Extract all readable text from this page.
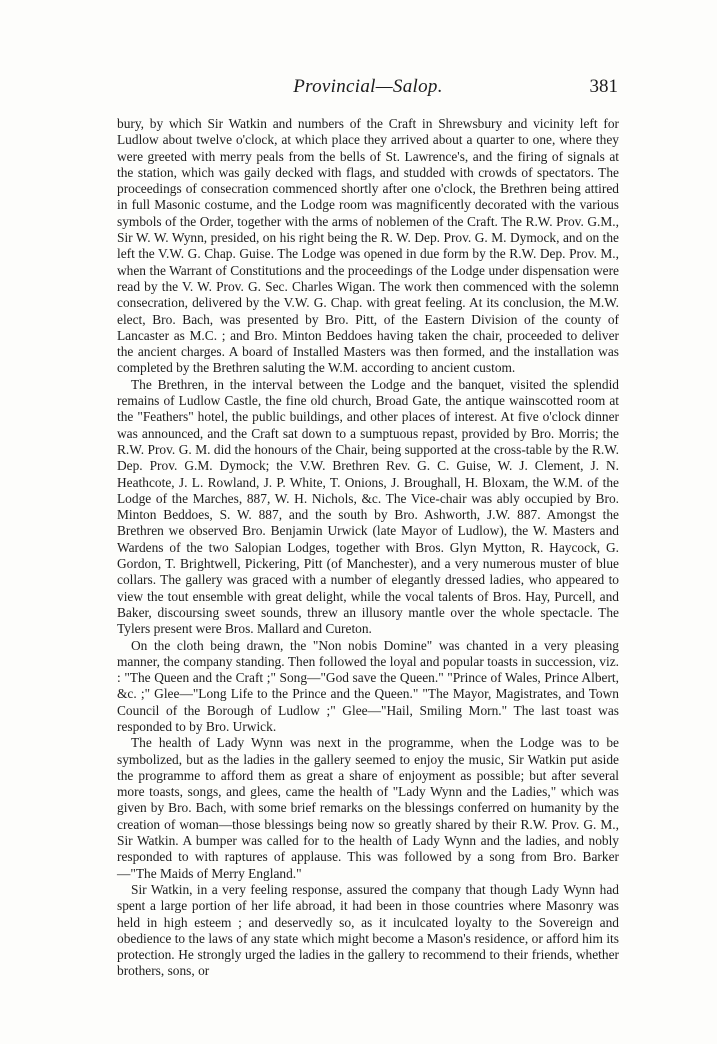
Provincial—Salop.	381

bury, by which Sir Watkin and numbers of the Craft in Shrewsbury and vicinity left for Ludlow about twelve o'clock, at which place they arrived about a quarter to one, where they were greeted with merry peals from the bells of St. Lawrence's, and the firing of signals at the station, which was gaily decked with flags, and studded with crowds of spectators. The proceedings of consecration commenced shortly after one o'clock, the Brethren being attired in full Masonic costume, and the Lodge room was magnificently decorated with the various symbols of the Order, together with the arms of noblemen of the Craft. The R.W. Prov. G.M., Sir W. W. Wynn, presided, on his right being the R. W. Dep. Prov. G. M. Dymock, and on the left the V.W. G. Chap. Guise. The Lodge was opened in due form by the R.W. Dep. Prov. M., when the Warrant of Constitutions and the proceedings of the Lodge under dispensation were read by the V. W. Prov. G. Sec. Charles Wigan. The work then commenced with the solemn consecration, delivered by the V.W. G. Chap. with great feeling. At its conclusion, the M.W. elect, Bro. Bach, was presented by Bro. Pitt, of the Eastern Division of the county of Lancaster as M.C. ; and Bro. Minton Beddoes having taken the chair, proceeded to deliver the ancient charges. A board of Installed Masters was then formed, and the installation was completed by the Brethren saluting the W.M. according to ancient custom.

The Brethren, in the interval between the Lodge and the banquet, visited the splendid remains of Ludlow Castle, the fine old church, Broad Gate, the antique wainscotted room at the "Feathers" hotel, the public buildings, and other places of interest. At five o'clock dinner was announced, and the Craft sat down to a sumptuous repast, provided by Bro. Morris; the R.W. Prov. G. M. did the honours of the Chair, being supported at the cross-table by the R.W. Dep. Prov. G.M. Dymock; the V.W. Brethren Rev. G. C. Guise, W. J. Clement, J. N. Heathcote, J. L. Rowland, J. P. White, T. Onions, J. Broughall, H. Bloxam, the W.M. of the Lodge of the Marches, 887, W. H. Nichols, &c. The Vice-chair was ably occupied by Bro. Minton Beddoes, S. W. 887, and the south by Bro. Ashworth, J.W. 887. Amongst the Brethren we observed Bro. Benjamin Urwick (late Mayor of Ludlow), the W. Masters and Wardens of the two Salopian Lodges, together with Bros. Glyn Mytton, R. Haycock, G. Gordon, T. Brightwell, Pickering, Pitt (of Manchester), and a very numerous muster of blue collars. The gallery was graced with a number of elegantly dressed ladies, who appeared to view the tout ensemble with great delight, while the vocal talents of Bros. Hay, Purcell, and Baker, discoursing sweet sounds, threw an illusory mantle over the whole spectacle. The Tylers present were Bros. Mallard and Cureton.

On the cloth being drawn, the "Non nobis Domine" was chanted in a very pleasing manner, the company standing. Then followed the loyal and popular toasts in succession, viz. : "The Queen and the Craft ;" Song—"God save the Queen." "Prince of Wales, Prince Albert, &c. ;" Glee—"Long Life to the Prince and the Queen." "The Mayor, Magistrates, and Town Council of the Borough of Ludlow ;" Glee—"Hail, Smiling Morn." The last toast was responded to by Bro. Urwick.

The health of Lady Wynn was next in the programme, when the Lodge was to be symbolized, but as the ladies in the gallery seemed to enjoy the music, Sir Watkin put aside the programme to afford them as great a share of enjoyment as possible; but after several more toasts, songs, and glees, came the health of "Lady Wynn and the Ladies," which was given by Bro. Bach, with some brief remarks on the blessings conferred on humanity by the creation of woman—those blessings being now so greatly shared by their R.W. Prov. G. M., Sir Watkin. A bumper was called for to the health of Lady Wynn and the ladies, and nobly responded to with raptures of applause. This was followed by a song from Bro. Barker—"The Maids of Merry England."

Sir Watkin, in a very feeling response, assured the company that though Lady Wynn had spent a large portion of her life abroad, it had been in those countries where Masonry was held in high esteem ; and deservedly so, as it inculcated loyalty to the Sovereign and obedience to the laws of any state which might become a Mason's residence, or afford him its protection. He strongly urged the ladies in the gallery to recommend to their friends, whether brothers, sons, or
